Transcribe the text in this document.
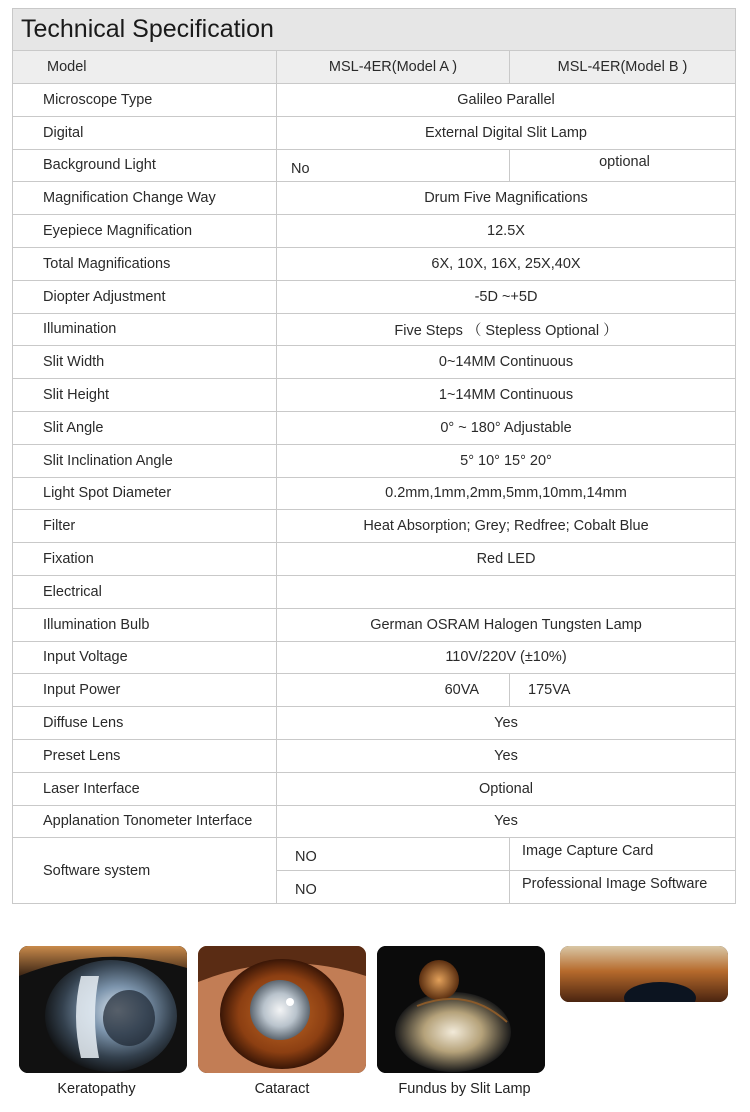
Technical Specification
Model	MSL-4ER(Model A )	MSL-4ER(Model B )
Microscope Type	Galileo Parallel	
Digital	External Digital Slit Lamp	
Background Light	No	optional
Magnification Change Way	Drum Five Magnifications	
Eyepiece Magnification	12.5X	
Total Magnifications	6X, 10X, 16X, 25X,40X	
Diopter Adjustment	-5D ~+5D	
Illumination	Five Steps （ Stepless Optional ）	
Slit Width	0~14MM Continuous	
Slit Height	1~14MM Continuous	
Slit Angle	0° ~ 180° Adjustable	
Slit Inclination Angle	5° 10° 15° 20°	
Light Spot Diameter	0.2mm,1mm,2mm,5mm,10mm,14mm	
Filter	Heat Absorption; Grey; Redfree; Cobalt Blue	
Fixation	Red LED	
Electrical		
Illumination Bulb	German OSRAM Halogen Tungsten Lamp	
Input Voltage	110V/220V (±10%)	
Input Power	60VA	175VA
Diffuse Lens	Yes	
Preset Lens	Yes	
Laser Interface	Optional	
Applanation Tonometer Interface	Yes	
Software system	NO	Image Capture Card
	NO	Professional Image Software
Keratopathy	Cataract	Fundus by Slit Lamp
